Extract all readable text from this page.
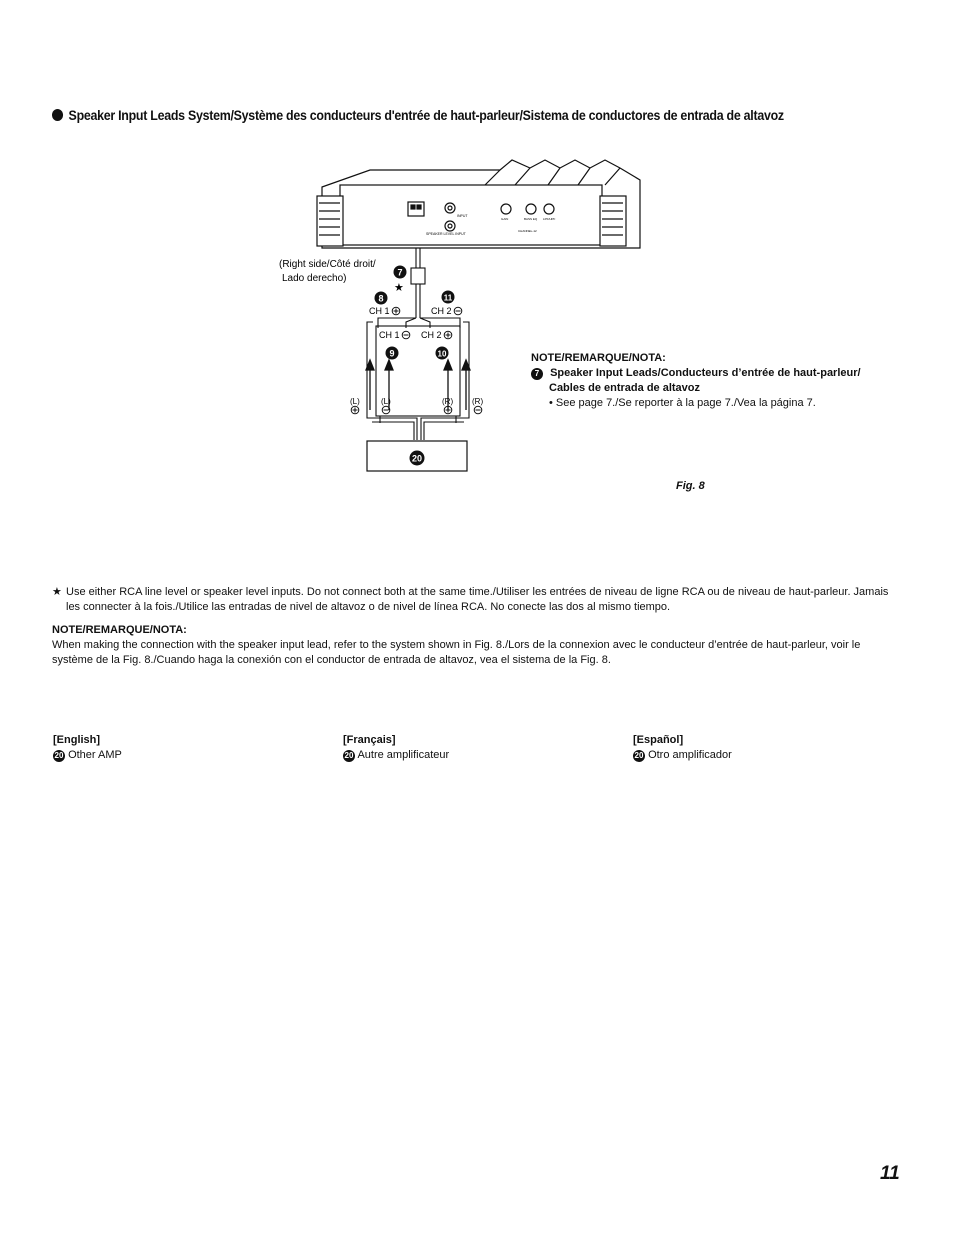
Speaker Input Leads System/Système des conducteurs d'entrée de haut-parleur/Sistema de conductores de entrada de altavoz
SPEAKER LEVEL INPUT
INPUT
GAIN	BASS EQ LPF/HPF
CHANNEL-12
7
★
8	11
9	10
20
(Right side/Côté droit/
Lado derecho)
CH 1	CH 2
CH 1 CH 2
(L)	(L)	(R) (R)
NOTE/REMARQUE/NOTA:
7 Speaker Input Leads/Conducteurs d’entrée de haut-parleur/
Cables de entrada de altavoz
• See page 7./Se reporter à la page 7./Vea la página 7.
Fig. 8
★ Use either RCA line level or speaker level inputs. Do not connect both at the same time./Utiliser les entrées de niveau de ligne RCA ou de niveau de haut-parleur. Jamais les connecter à la fois./Utilice las entradas de nivel de altavoz o de nivel de línea RCA. No conecte las dos al mismo tiempo.
NOTE/REMARQUE/NOTA:
When making the connection with the speaker input lead, refer to the system shown in Fig. 8./Lors de la connexion avec le conducteur d’entrée de haut-parleur, voir le système de la Fig. 8./Cuando haga la conexión con el conductor de entrada de altavoz, vea el sistema de la Fig. 8.
[English]
20 Other AMP
[Français]
20 Autre amplificateur
[Español]
20 Otro amplificador
11
